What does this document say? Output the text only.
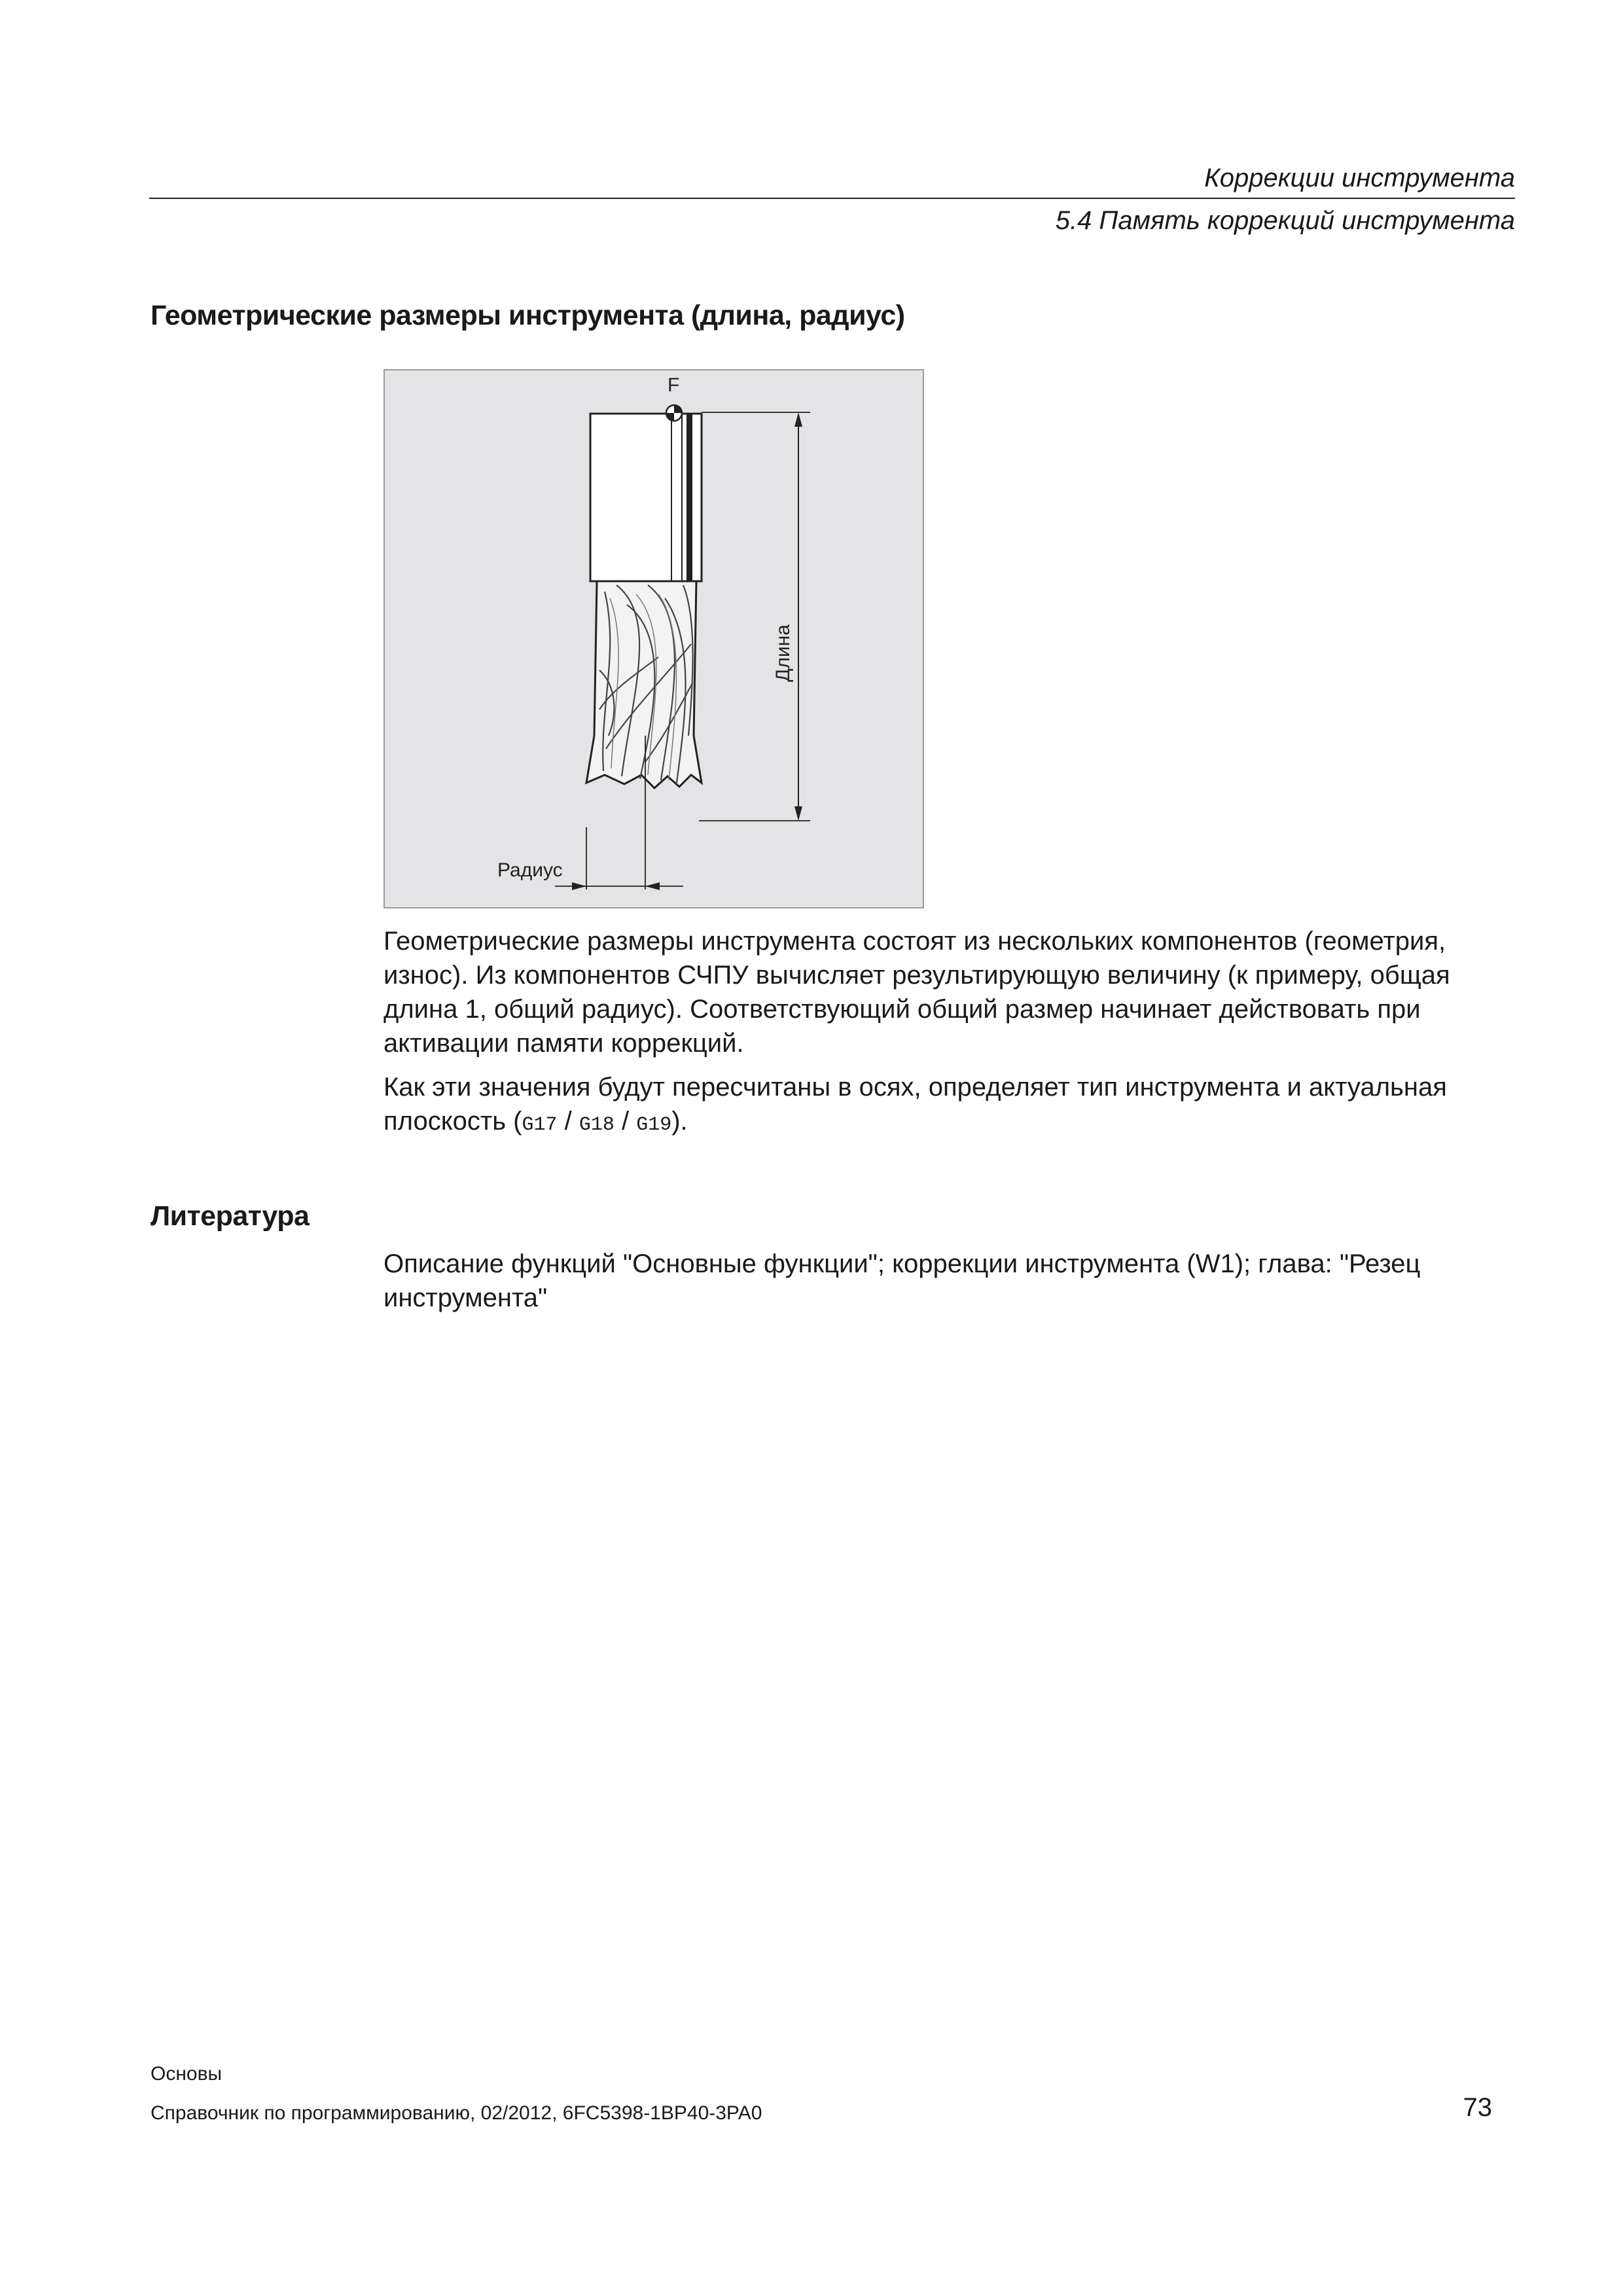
Коррекции инструмента
5.4 Память коррекций инструмента
Геометрические размеры инструмента (длина, радиус)
F
Длина
Радиус

Геометрические размеры инструмента состоят из нескольких компонентов (геометрия, износ). Из компонентов СЧПУ вычисляет результирующую величину (к примеру, общая длина 1, общий радиус). Соответствующий общий размер начинает действовать при активации памяти коррекций.

Как эти значения будут пересчитаны в осях, определяет тип инструмента и актуальная плоскость (G17 / G18 / G19).

Литература

Описание функций "Основные функции"; коррекции инструмента (W1); глава: "Резец инструмента"

Основы
Справочник по программированию, 02/2012, 6FC5398-1BP40-3PA0	73
